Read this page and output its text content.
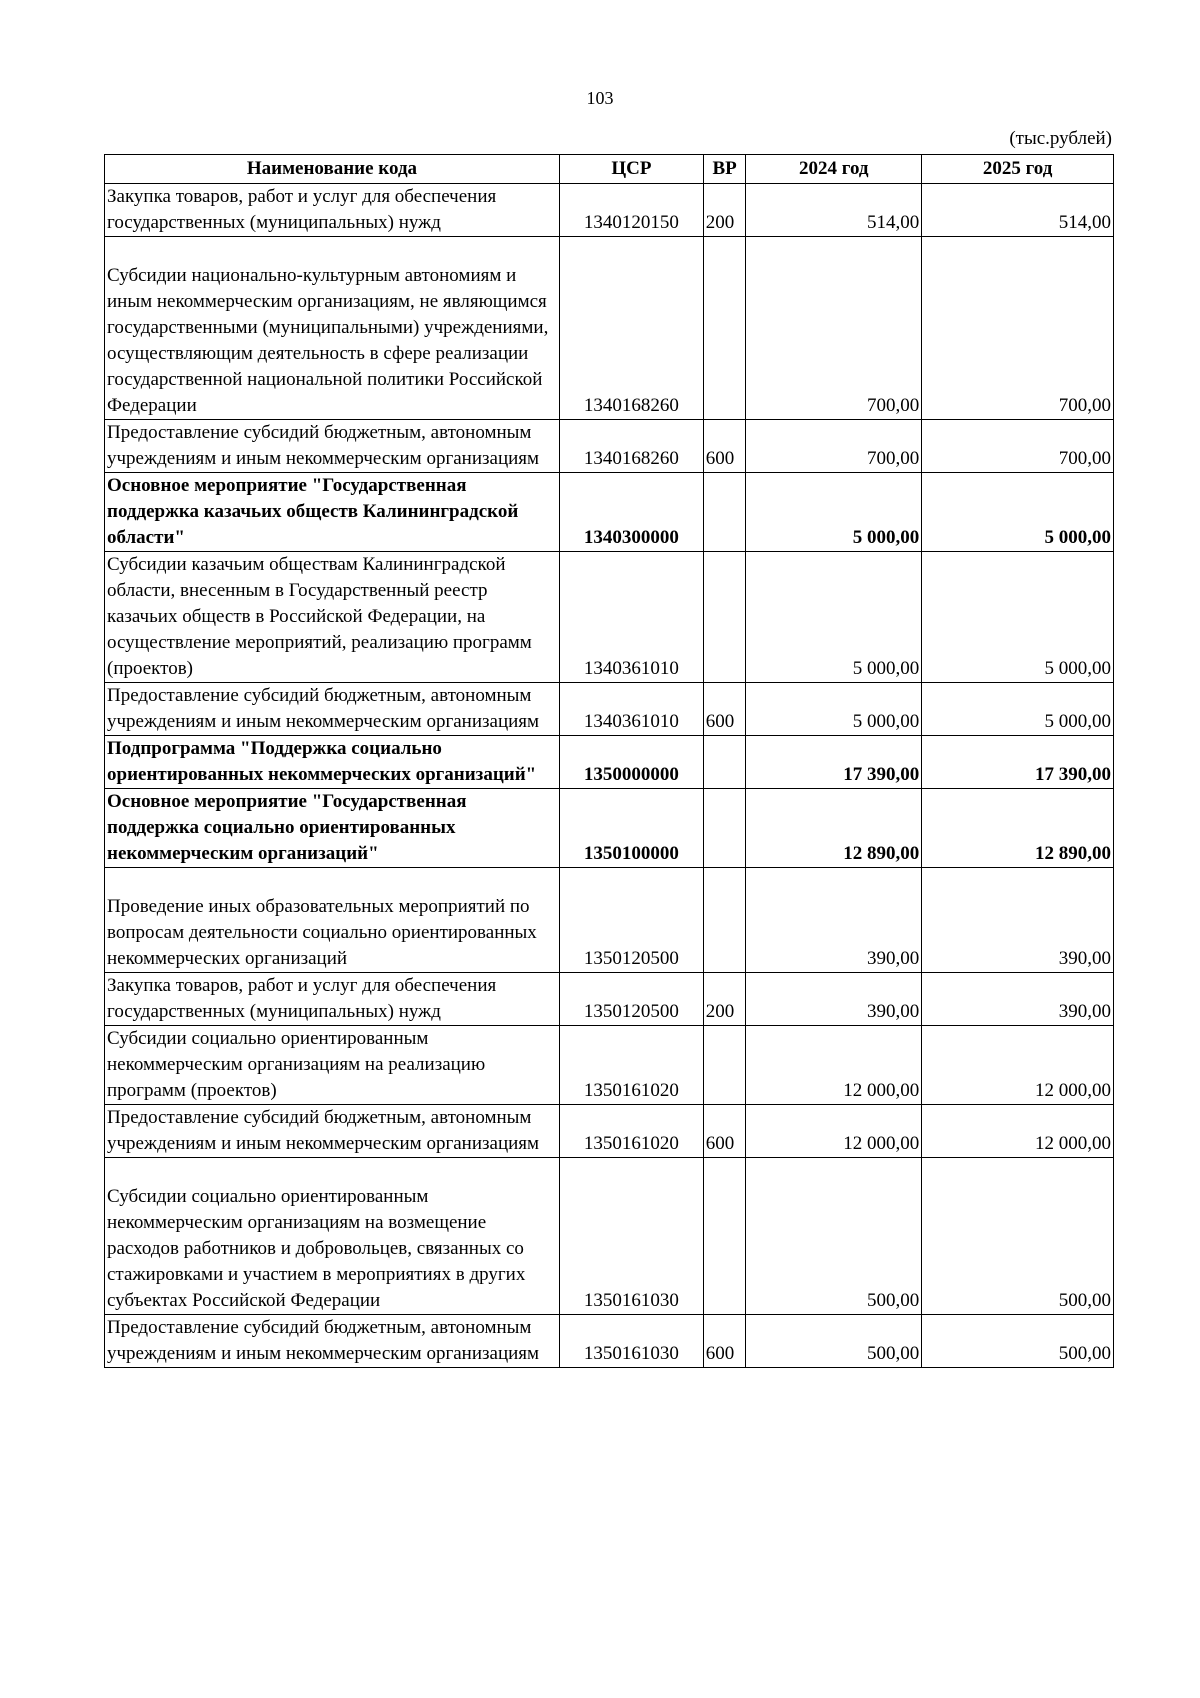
103
(тыс.рублей)
Наименование кода	ЦСР	ВР	2024 год	2025 год
Закупка товаров, работ и услуг для обеспечения государственных (муниципальных) нужд	1340120150	200	514,00	514,00

Субсидии национально-культурным автономиям и иным некоммерческим организациям, не являющимся государственными (муниципальными) учреждениями, осуществляющим деятельность в сфере реализации государственной национальной политики Российской Федерации	1340168260		700,00	700,00
Предоставление субсидий бюджетным, автономным учреждениям и иным некоммерческим организациям	1340168260	600	700,00	700,00
Основное мероприятие "Государственная поддержка казачьих обществ Калининградской области"	1340300000		5 000,00	5 000,00
Субсидии казачьим обществам Калининградской области, внесенным в Государственный реестр казачьих обществ в Российской Федерации, на осуществление мероприятий, реализацию программ (проектов)	1340361010		5 000,00	5 000,00
Предоставление субсидий бюджетным, автономным учреждениям и иным некоммерческим организациям	1340361010	600	5 000,00	5 000,00
Подпрограмма "Поддержка социально ориентированных некоммерческих организаций"	1350000000		17 390,00	17 390,00
Основное мероприятие "Государственная поддержка социально ориентированных некоммерческим организаций"	1350100000		12 890,00	12 890,00

Проведение иных образовательных мероприятий по вопросам деятельности социально ориентированных некоммерческих организаций	1350120500		390,00	390,00
Закупка товаров, работ и услуг для обеспечения государственных (муниципальных) нужд	1350120500	200	390,00	390,00
Субсидии социально ориентированным некоммерческим организациям на реализацию программ (проектов)	1350161020		12 000,00	12 000,00
Предоставление субсидий бюджетным, автономным учреждениям и иным некоммерческим организациям	1350161020	600	12 000,00	12 000,00

Субсидии социально ориентированным некоммерческим организациям на возмещение расходов работников и добровольцев, связанных со стажировками и участием в мероприятиях в других субъектах Российской Федерации	1350161030		500,00	500,00
Предоставление субсидий бюджетным, автономным учреждениям и иным некоммерческим организациям	1350161030	600	500,00	500,00
